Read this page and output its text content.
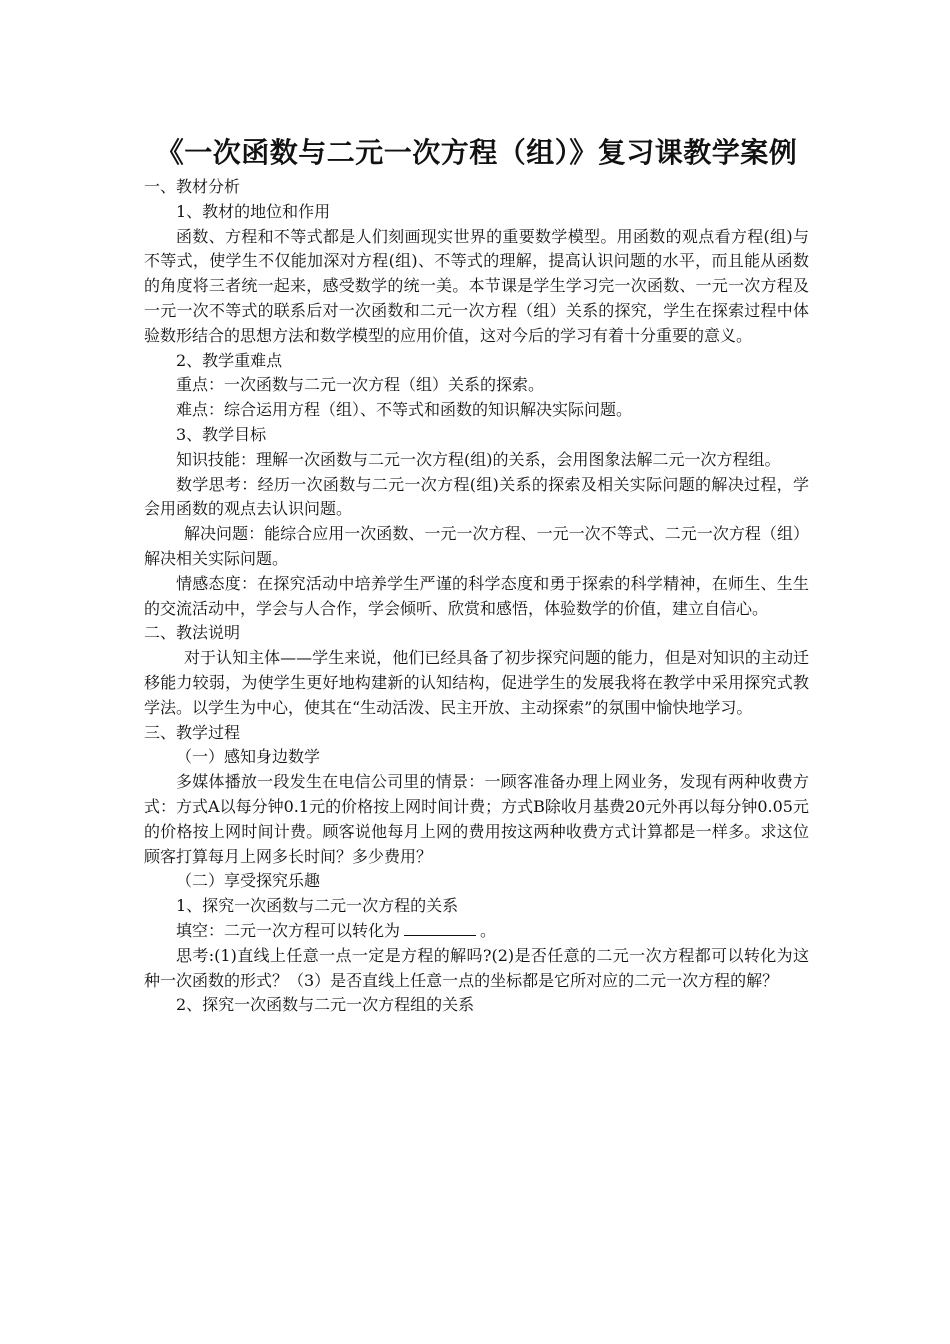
《一次函数与二元一次方程（组）》复习课教学案例

一、教材分析

1、教材的地位和作用

函数、方程和不等式都是人们刻画现实世界的重要数学模型。用函数的观点看方程(组)与不等式，使学生不仅能加深对方程(组)、不等式的理解，提高认识问题的水平，而且能从函数的角度将三者统一起来，感受数学的统一美。本节课是学生学习完一次函数、一元一次方程及一元一次不等式的联系后对一次函数和二元一次方程（组）关系的探究，学生在探索过程中体验数形结合的思想方法和数学模型的应用价值，这对今后的学习有着十分重要的意义。

2、教学重难点

重点：一次函数与二元一次方程（组）关系的探索。

难点：综合运用方程（组）、不等式和函数的知识解决实际问题。

3、教学目标

知识技能：理解一次函数与二元一次方程(组)的关系，会用图象法解二元一次方程组。

数学思考：经历一次函数与二元一次方程(组)关系的探索及相关实际问题的解决过程，学会用函数的观点去认识问题。

解决问题：能综合应用一次函数、一元一次方程、一元一次不等式、二元一次方程（组）解决相关实际问题。

情感态度：在探究活动中培养学生严谨的科学态度和勇于探索的科学精神，在师生、生生的交流活动中，学会与人合作，学会倾听、欣赏和感悟，体验数学的价值，建立自信心。

二、教法说明

对于认知主体——学生来说，他们已经具备了初步探究问题的能力，但是对知识的主动迁移能力较弱，为使学生更好地构建新的认知结构，促进学生的发展我将在教学中采用探究式教学法。以学生为中心，使其在“生动活泼、民主开放、主动探索”的氛围中愉快地学习。

三、教学过程

（一）感知身边数学

多媒体播放一段发生在电信公司里的情景：一顾客准备办理上网业务，发现有两种收费方式：方式A以每分钟0.1元的价格按上网时间计费；方式B除收月基费20元外再以每分钟0.05元的价格按上网时间计费。顾客说他每月上网的费用按这两种收费方式计算都是一样多。求这位顾客打算每月上网多长时间？多少费用？

（二）享受探究乐趣

1、探究一次函数与二元一次方程的关系

填空：二元一次方程可以转化为	。

思考:(1)直线上任意一点一定是方程的解吗?(2)是否任意的二元一次方程都可以转化为这种一次函数的形式？（3）是否直线上任意一点的坐标都是它所对应的二元一次方程的解？

2、探究一次函数与二元一次方程组的关系
